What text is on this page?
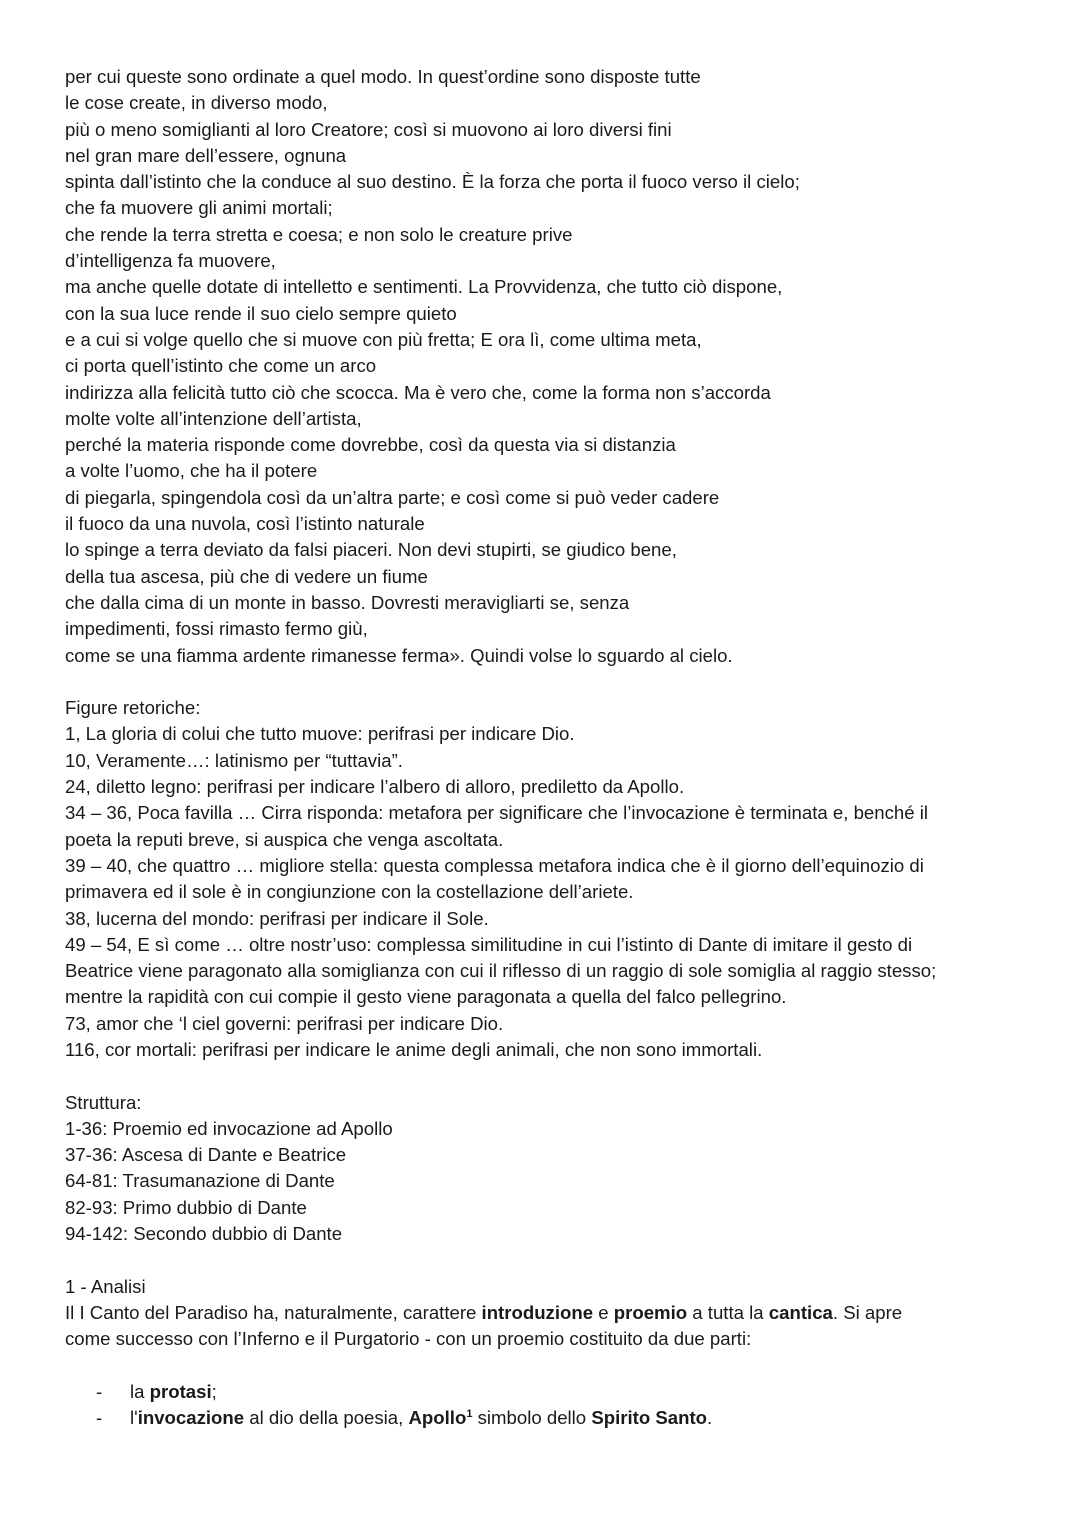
per cui queste sono ordinate a quel modo. In quest’ordine sono disposte tutte

le cose create, in diverso modo,

più o meno somiglianti al loro Creatore; così si muovono ai loro diversi fini

nel gran mare dell’essere, ognuna

spinta dall’istinto che la conduce al suo destino. È la forza che porta il fuoco verso il cielo;

che fa muovere gli animi mortali;

che rende la terra stretta e coesa; e non solo le creature prive

d’intelligenza fa muovere,

ma anche quelle dotate di intelletto e sentimenti. La Provvidenza, che tutto ciò dispone,

con la sua luce rende il suo cielo sempre quieto

e a cui si volge quello che si muove con più fretta; E ora lì, come ultima meta,

ci porta quell’istinto che come un arco

indirizza alla felicità tutto ciò che scocca. Ma è vero che, come la forma non s’accorda

molte volte all’intenzione dell’artista,

perché la materia risponde come dovrebbe, così da questa via si distanzia

a volte l’uomo, che ha il potere

di piegarla, spingendola così da un’altra parte; e così come si può veder cadere

il fuoco da una nuvola, così l’istinto naturale

lo spinge a terra deviato da falsi piaceri. Non devi stupirti, se giudico bene,

della tua ascesa, più che di vedere un fiume

che dalla cima di un monte in basso. Dovresti meravigliarti se, senza

impedimenti, fossi rimasto fermo giù,

come se una fiamma ardente rimanesse ferma». Quindi volse lo sguardo al cielo.

Figure retoriche:

1, La gloria di colui che tutto muove: perifrasi per indicare Dio.

10, Veramente…: latinismo per “tuttavia”.

24, diletto legno: perifrasi per indicare l’albero di alloro, prediletto da Apollo.

34 – 36, Poca favilla … Cirra risponda: metafora per significare che l’invocazione è terminata e, benché il

poeta la reputi breve, si auspica che venga ascoltata.

39 – 40, che quattro … migliore stella: questa complessa metafora indica che è il giorno dell’equinozio di

primavera ed il sole è in congiunzione con la costellazione dell’ariete.

38, lucerna del mondo: perifrasi per indicare il Sole.

49 – 54, E sì come … oltre nostr’uso: complessa similitudine in cui l’istinto di Dante di imitare il gesto di

Beatrice viene paragonato alla somiglianza con cui il riflesso di un raggio di sole somiglia al raggio stesso;

mentre la rapidità con cui compie il gesto viene paragonata a quella del falco pellegrino.

73, amor che ‘l ciel governi: perifrasi per indicare Dio.

116, cor mortali: perifrasi per indicare le anime degli animali, che non sono immortali.

Struttura:

1-36: Proemio ed invocazione ad Apollo

37-36: Ascesa di Dante e Beatrice

64-81: Trasumanazione di Dante

82-93: Primo dubbio di Dante

94-142: Secondo dubbio di Dante

1 - Analisi

Il I Canto del Paradiso ha, naturalmente, carattere introduzione e proemio a tutta la cantica. Si apre

come successo con l’Inferno e il Purgatorio - con un proemio costituito da due parti:

- la protasi;
- l'invocazione al dio della poesia, Apollo$^1$ simbolo dello Spirito Santo.
